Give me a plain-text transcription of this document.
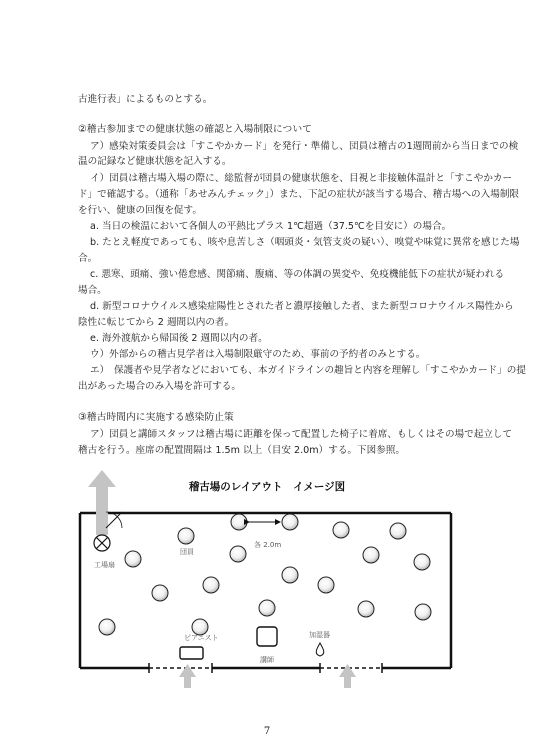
古進行表」によるものとする。
②稽古参加までの健康状態の確認と入場制限について
ア）感染対策委員会は「すこやかカード」を発行・準備し、団員は稽古の1週間前から当日までの検
温の記録など健康状態を記入する。
イ）団員は稽古場入場の際に、総監督が団員の健康状態を、目視と非接触体温計と「すこやかカー
ド」で確認する。（通称「あせみんチェック」）また、下記の症状が該当する場合、稽古場への入場制限
を行い、健康の回復を促す。
a. 当日の検温において各個人の平熱比プラス 1℃超過（37.5℃を目安に）の場合。
b. たとえ軽度であっても、咳や息苦しさ（咽頭炎・気管支炎の疑い）、嗅覚や味覚に異常を感じた場
合。
c. 悪寒、頭痛、強い倦怠感、関節痛、腹痛、等の体調の異変や、免疫機能低下の症状が疑われる
場合。
d. 新型コロナウイルス感染症陽性とされた者と濃厚接触した者、また新型コロナウイルス陽性から
陰性に転じてから 2 週間以内の者。
e. 海外渡航から帰国後 2 週間以内の者。
ウ）外部からの稽古見学者は入場制限厳守のため、事前の予約者のみとする。
エ）　保護者や見学者などにおいても、本ガイドラインの趣旨と内容を理解し「すこやかカード」の提
出があった場合のみ入場を許可する。
③稽古時間内に実施する感染防止策
ア）団員と講師スタッフは稽古場に距離を保って配置した椅子に着席、もしくはその場で起立して
稽古を行う。座席の配置間隔は 1.5m 以上（目安 2.0m）する。下図参照。
稽古場のレイアウト　イメージ図
工場扇
各 2.0m
団員
ピアニスト
講師
加湿器
7
